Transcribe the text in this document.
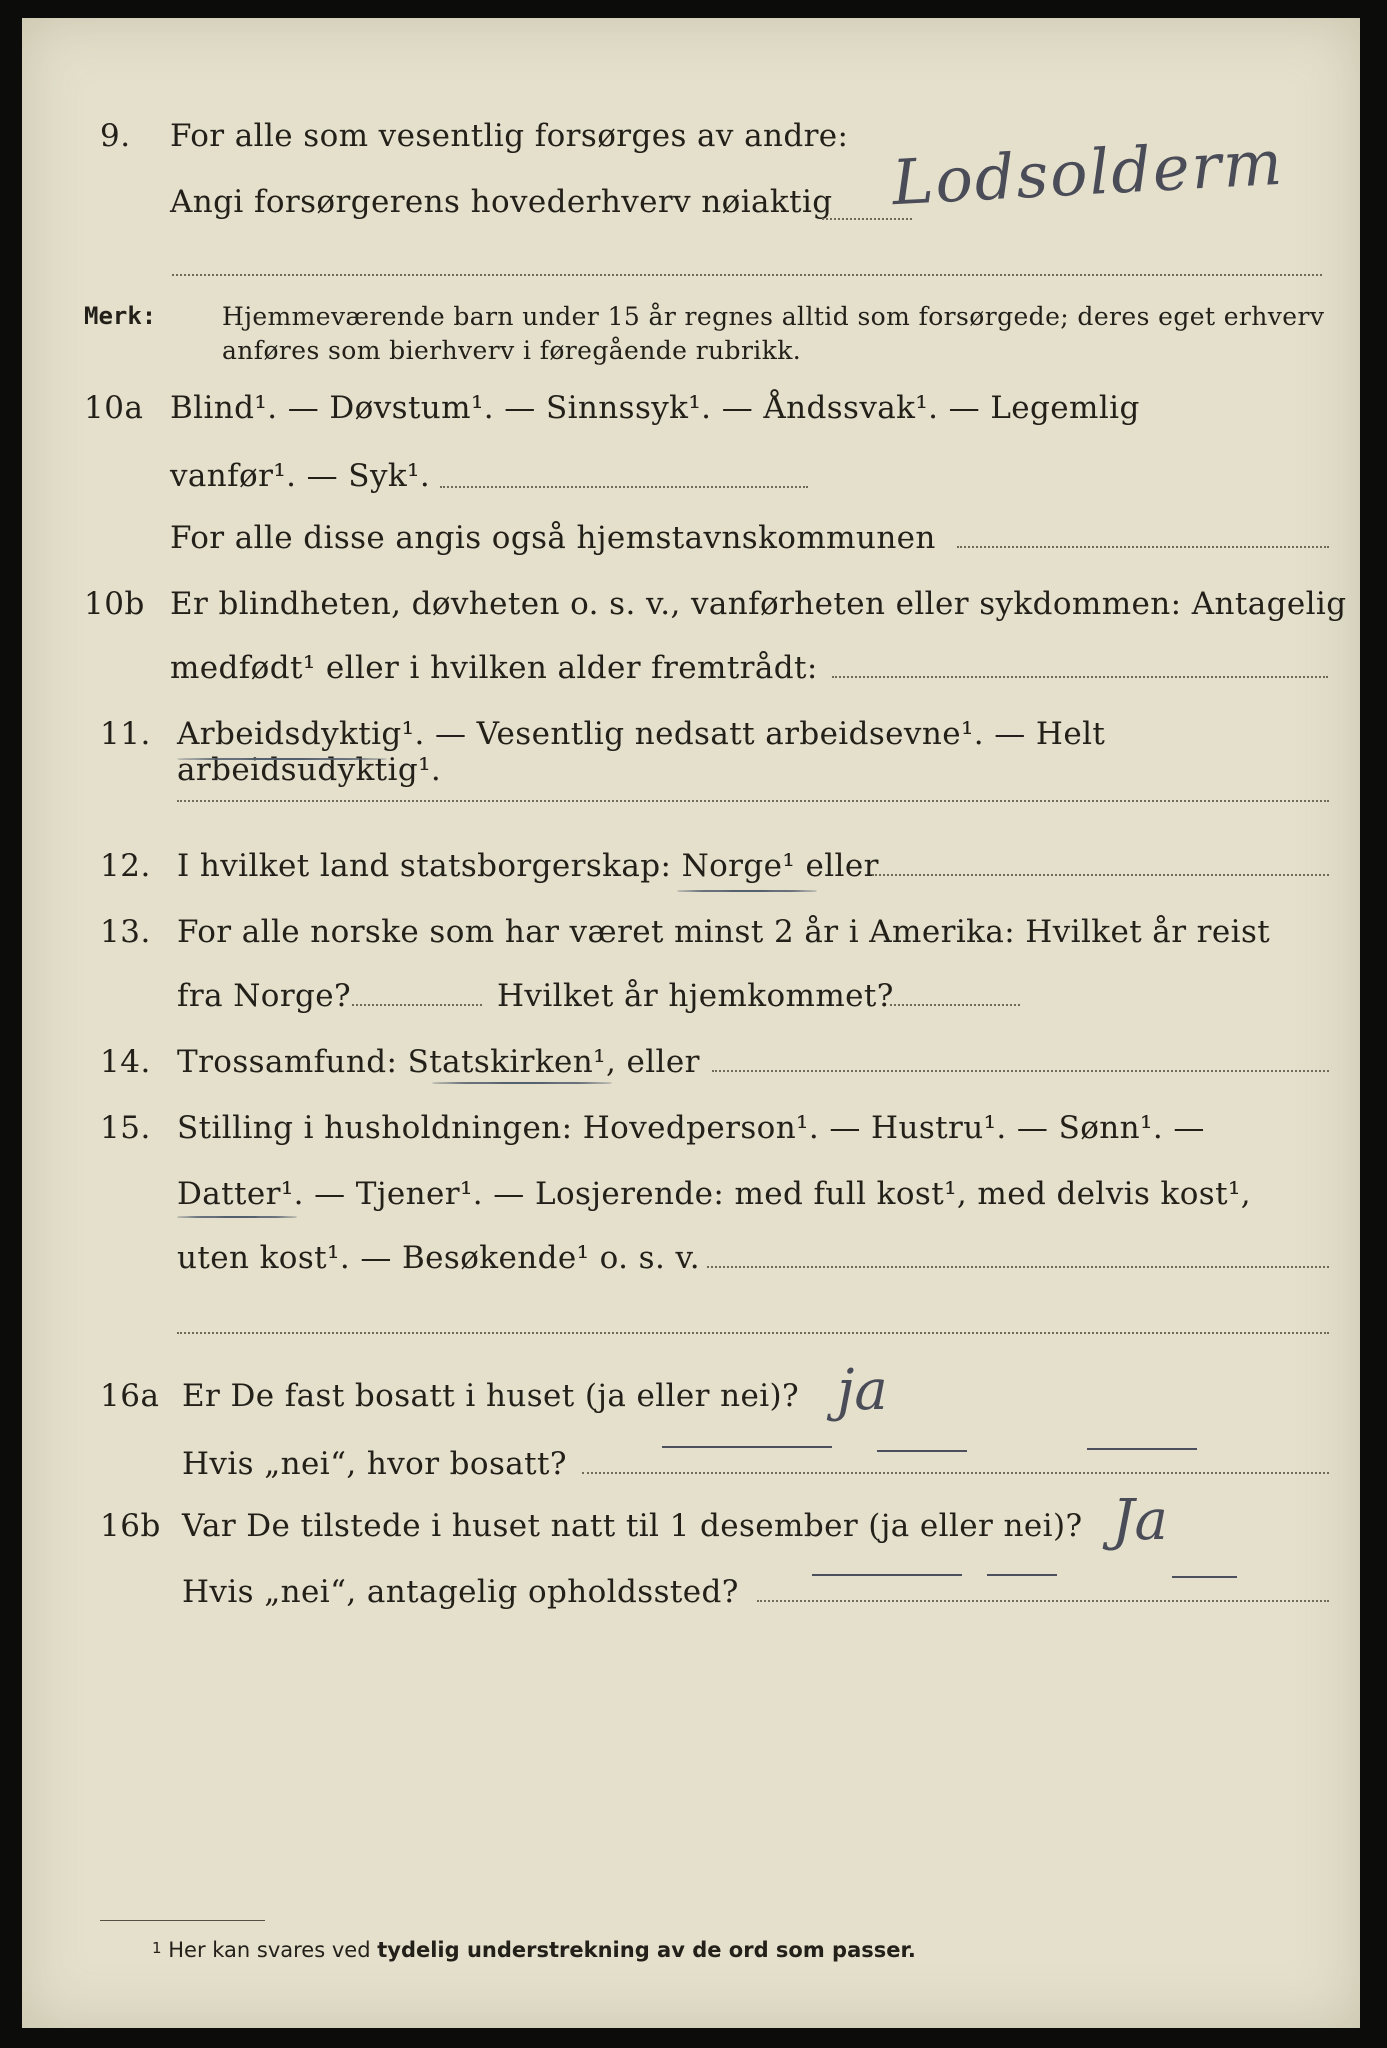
9. For alle som vesentlig forsørges av andre:
Angi forsørgerens hovederhverv nøiaktig Lodsolderm
Merk:	Hjemmeværende barn under 15 år regnes alltid som forsørgede; deres eget erhverv
anføres som bierhverv i føregående rubrikk.
10a Blind¹. — Døvstum¹. — Sinnssyk¹. — Åndssvak¹. — Legemlig
vanfør¹. — Syk¹.
For alle disse angis også hjemstavnskommunen
10b Er blindheten, døvheten o. s. v., vanførheten eller sykdommen: Antagelig
medfødt¹ eller i hvilken alder fremtrådt:
11. Arbeidsdyktig¹. — Vesentlig nedsatt arbeidsevne¹. — Helt arbeidsudyktig¹.
12. I hvilket land statsborgerskap: Norge¹ eller
13. For alle norske som har været minst 2 år i Amerika: Hvilket år reist
fra Norge?	Hvilket år hjemkommet?
14. Trossamfund: Statskirken¹, eller
15. Stilling i husholdningen: Hovedperson¹. — Hustru¹. — Sønn¹. —
Datter¹. — Tjener¹. — Losjerende: med full kost¹, med delvis kost¹,
uten kost¹. — Besøkende¹ o. s. v.
16a Er De fast bosatt i huset (ja eller nei)? ja
Hvis „nei“, hvor bosatt?
16b Var De tilstede i huset natt til 1 desember (ja eller nei)? Ja
Hvis „nei“, antagelig opholdssted?
1 Her kan svares ved tydelig understrekning av de ord som passer.
